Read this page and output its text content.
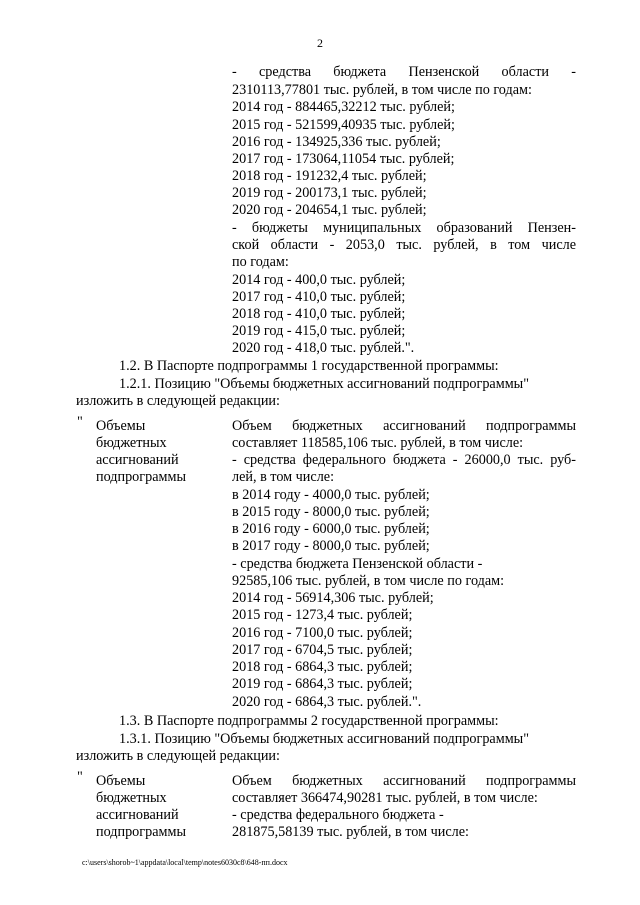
2
- средства бюджета Пензенской области -
2310113,77801 тыс. рублей, в том числе по годам:
2014 год - 884465,32212 тыс. рублей;
2015 год - 521599,40935 тыс. рублей;
2016 год - 134925,336 тыс. рублей;
2017 год - 173064,11054 тыс. рублей;
2018 год - 191232,4 тыс. рублей;
2019 год - 200173,1 тыс. рублей;
2020 год - 204654,1 тыс. рублей;
- бюджеты муниципальных образований Пензен-
ской области - 2053,0 тыс. рублей, в том числе
по годам:
2014 год - 400,0 тыс. рублей;
2017 год - 410,0 тыс. рублей;
2018 год - 410,0 тыс. рублей;
2019 год - 415,0 тыс. рублей;
2020 год - 418,0 тыс. рублей.".
1.2. В Паспорте подпрограммы 1 государственной программы:
1.2.1. Позицию "Объемы бюджетных ассигнований подпрограммы"
изложить в следующей редакции:
" Объемы
бюджетных
ассигнований
подпрограммы
Объем бюджетных ассигнований подпрограммы
составляет 118585,106 тыс. рублей, в том числе:
- средства федерального бюджета - 26000,0 тыс. руб-
лей, в том числе:
в 2014 году - 4000,0 тыс. рублей;
в 2015 году - 8000,0 тыс. рублей;
в 2016 году - 6000,0 тыс. рублей;
в 2017 году - 8000,0 тыс. рублей;
- средства бюджета Пензенской области -
92585,106 тыс. рублей, в том числе по годам:
2014 год - 56914,306 тыс. рублей;
2015 год - 1273,4 тыс. рублей;
2016 год - 7100,0 тыс. рублей;
2017 год - 6704,5 тыс. рублей;
2018 год - 6864,3 тыс. рублей;
2019 год - 6864,3 тыс. рублей;
2020 год - 6864,3 тыс. рублей.".
1.3. В Паспорте подпрограммы 2 государственной программы:
1.3.1. Позицию "Объемы бюджетных ассигнований подпрограммы"
изложить в следующей редакции:
" Объемы
бюджетных
ассигнований
подпрограммы
Объем бюджетных ассигнований подпрограммы
составляет 366474,90281 тыс. рублей, в том числе:
- средства федерального бюджета -
281875,58139 тыс. рублей, в том числе:
c:\users\shorob~1\appdata\local\temp\notes6030c8\648-пп.docx
